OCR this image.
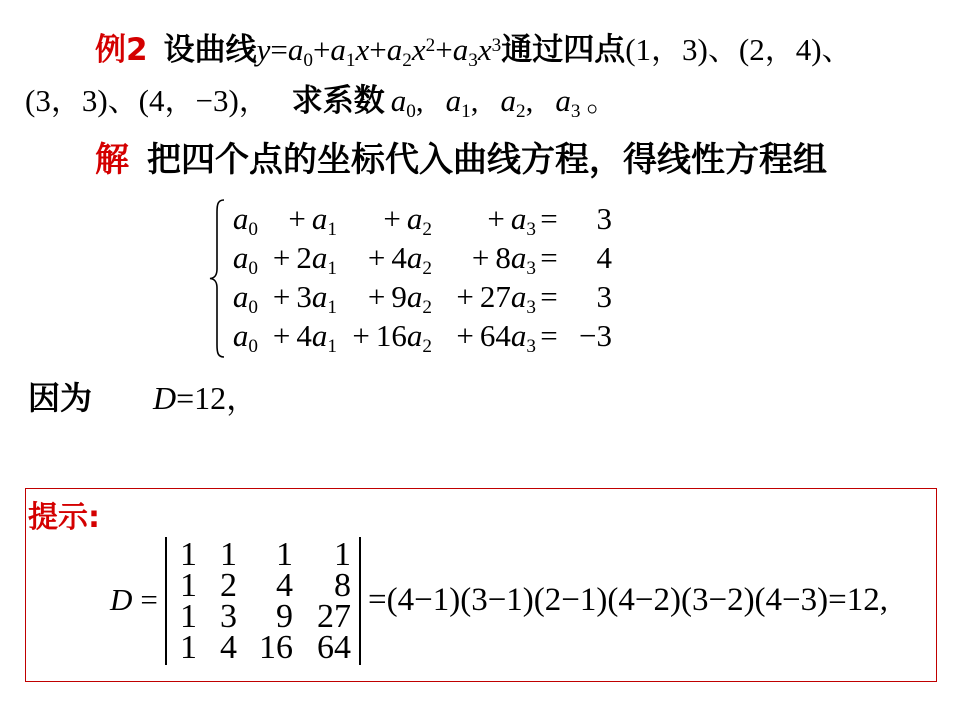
例2 设曲线 y = a 0 + a 1 x + a 2 x 2 + a 3 x 3 通过四点 (1，3) 、 (2，4) 、
(3，3) 、 (4，−3) ， 求系数 a 0 , a 1 , a 2 , a 3 。
解 把四个点的坐标代入曲线方程，得线性方程组
a0 + a1	+ a2	+ a3 =	3
a0 + 2a1 + 4a2	+ 8a3 =	4
a0 + 3a1 + 9a2 + 27a3 =	3
a0 + 4a1 + 16a2 + 64a3 = −3
因为 D =12 ，
提示:
D =
1 1	1	1
1 2	4	8
1 3	9 27
1 4 16 64
=(4−1)(3−1)(2−1)(4−2)(3−2)(4−3)=12,
